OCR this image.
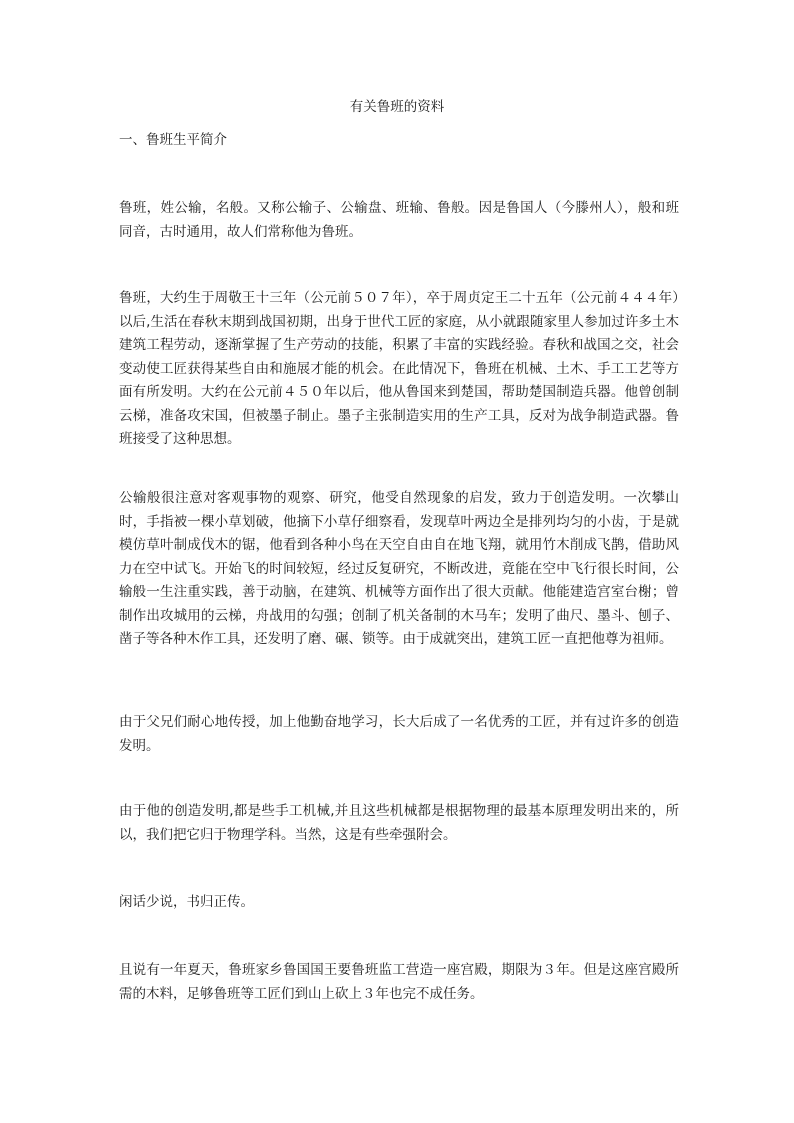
有关鲁班的资料
一、鲁班生平简介

鲁班，姓公输，名般。又称公输子、公输盘、班输、鲁般。因是鲁国人（今滕州人），般和班同音，古时通用，故人们常称他为鲁班。

鲁班，大约生于周敬王十三年（公元前５０７年），卒于周贞定王二十五年（公元前４４４年）以后,生活在春秋末期到战国初期，出身于世代工匠的家庭，从小就跟随家里人参加过许多土木建筑工程劳动，逐渐掌握了生产劳动的技能，积累了丰富的实践经验。春秋和战国之交，社会变动使工匠获得某些自由和施展才能的机会。在此情况下，鲁班在机械、土木、手工工艺等方面有所发明。大约在公元前４５０年以后，他从鲁国来到楚国，帮助楚国制造兵器。他曾创制云梯，准备攻宋国，但被墨子制止。墨子主张制造实用的生产工具，反对为战争制造武器。鲁班接受了这种思想。

公输般很注意对客观事物的观察、研究，他受自然现象的启发，致力于创造发明。一次攀山时，手指被一棵小草划破，他摘下小草仔细察看，发现草叶两边全是排列均匀的小齿，于是就模仿草叶制成伐木的锯，他看到各种小鸟在天空自由自在地飞翔，就用竹木削成飞鹊，借助风力在空中试飞。开始飞的时间较短，经过反复研究，不断改进，竟能在空中飞行很长时间，公输般一生注重实践，善于动脑，在建筑、机械等方面作出了很大贡献。他能建造宫室台榭；曾制作出攻城用的云梯，舟战用的勾强；创制了机关备制的木马车；发明了曲尺、墨斗、刨子、凿子等各种木作工具，还发明了磨、碾、锁等。由于成就突出，建筑工匠一直把他尊为祖师。

由于父兄们耐心地传授，加上他勤奋地学习，长大后成了一名优秀的工匠，并有过许多的创造发明。

由于他的创造发明,都是些手工机械,并且这些机械都是根据物理的最基本原理发明出来的，所以，我们把它归于物理学科。当然，这是有些牵强附会。

闲话少说，书归正传。

且说有一年夏天，鲁班家乡鲁国国王要鲁班监工营造一座宫殿，期限为３年。但是这座宫殿所需的木料，足够鲁班等工匠们到山上砍上３年也完不成任务。
